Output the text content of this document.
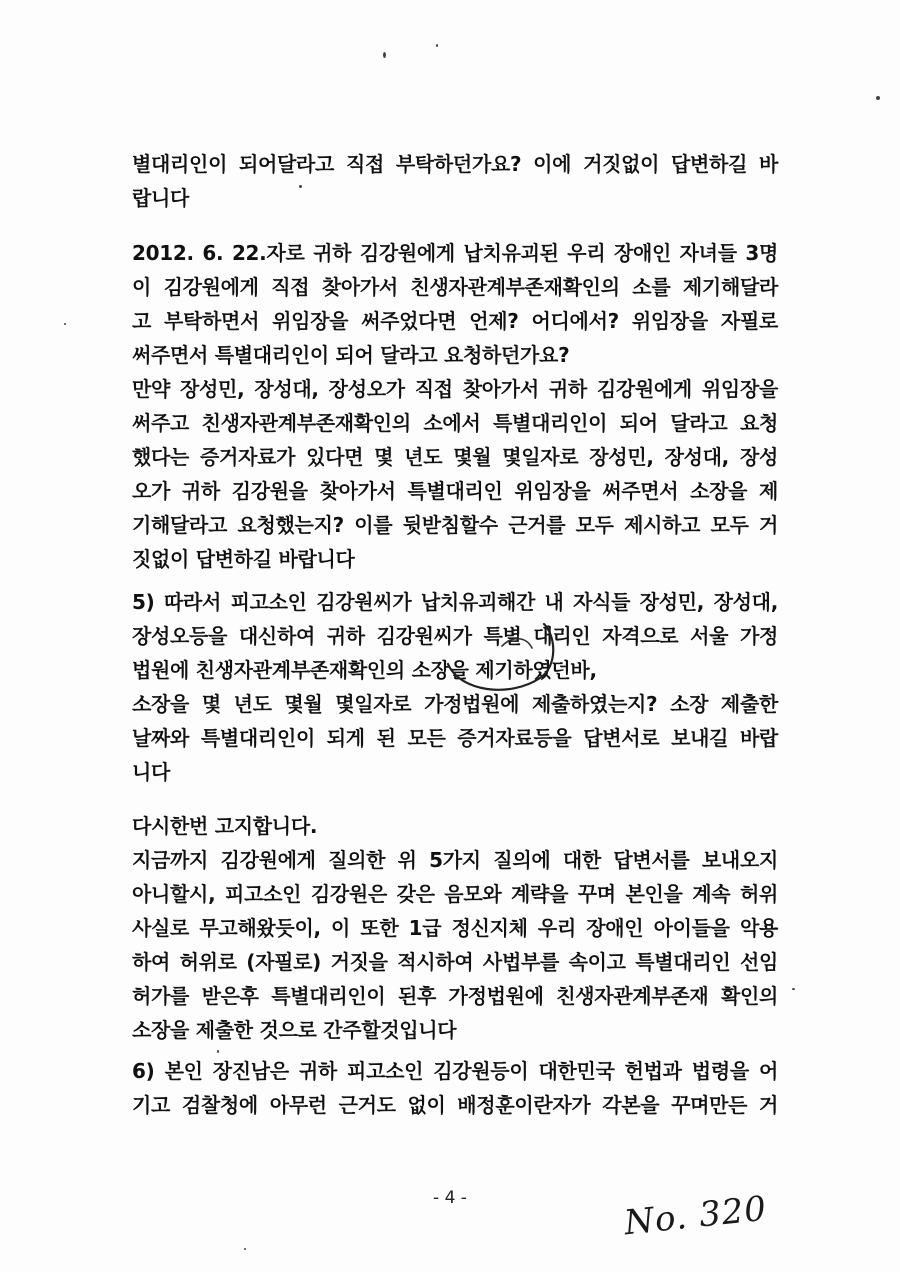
별대리인이 되어달라고 직접 부탁하던가요? 이에 거짓없이 답변하길 바
랍니다
2012. 6. 22.자로 귀하 김강원에게 납치유괴된 우리 장애인 자녀들 3명
이 김강원에게 직접 찾아가서 친생자관계부존재확인의 소를 제기해달라
고 부탁하면서 위임장을 써주었다면 언제? 어디에서? 위임장을 자필로
써주면서 특별대리인이 되어 달라고 요청하던가요?
만약 장성민, 장성대, 장성오가 직접 찾아가서 귀하 김강원에게 위임장을
써주고 친생자관계부존재확인의 소에서 특별대리인이 되어 달라고 요청
했다는 증거자료가 있다면 몇 년도 몇월 몇일자로 장성민, 장성대, 장성
오가 귀하 김강원을 찾아가서 특별대리인 위임장을 써주면서 소장을 제
기해달라고 요청했는지? 이를 뒷받침할수 근거를 모두 제시하고 모두 거
짓없이 답변하길 바랍니다
5) 따라서 피고소인 김강원씨가 납치유괴해간 내 자식들 장성민, 장성대,
장성오등을 대신하여 귀하 김강원씨가 특별 대리인 자격으로 서울 가정
법원에 친생자관계부존재확인의 소장을 제기하였던바,
소장을 몇 년도 몇월 몇일자로 가정법원에 제출하였는지? 소장 제출한
날짜와 특별대리인이 되게 된 모든 증거자료등을 답변서로 보내길 바랍
니다
다시한번 고지합니다.
지금까지 김강원에게 질의한 위 5가지 질의에 대한 답변서를 보내오지
아니할시, 피고소인 김강원은 갖은 음모와 계략을 꾸며 본인을 계속 허위
사실로 무고해왔듯이, 이 또한 1급 정신지체 우리 장애인 아이들을 악용
하여 허위로 (자필로) 거짓을 적시하여 사법부를 속이고 특별대리인 선임
허가를 받은후 특별대리인이 된후 가정법원에 친생자관계부존재 확인의
소장을 제출한 것으로 간주할것입니다
6) 본인 장진남은 귀하 피고소인 김강원등이 대한민국 헌법과 법령을 어
기고 검찰청에 아무런 근거도 없이 배정훈이란자가 각본을 꾸며만든 거
- 4 -	No. 320
